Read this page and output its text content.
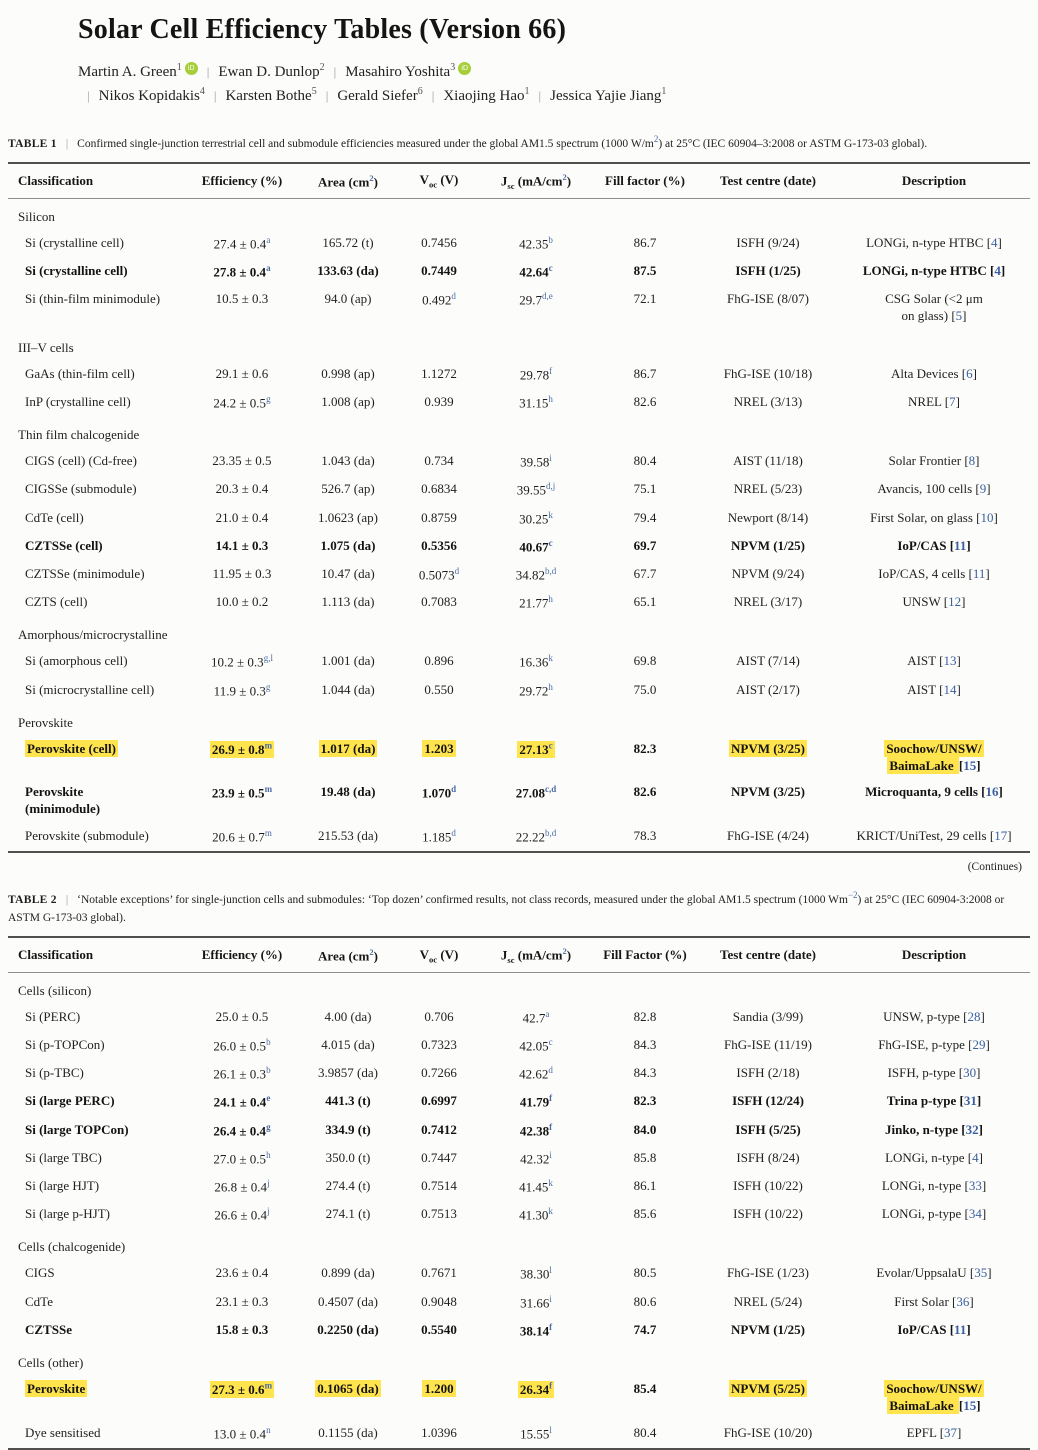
Solar Cell Efficiency Tables (Version 66)
Martin A. Green$^1$ iD | Ewan D. Dunlop$^2$ | Masahiro Yoshita$^3$ iD| Nikos Kopidakis$^4$ | Karsten Bothe$^5$ | Gerald Siefer$^6$ | Xiaojing Hao$^1$ | Jessica Yajie Jiang$^1$
TABLE 1 | Confirmed single-junction terrestrial cell and submodule efficiencies measured under the global AM1.5 spectrum (1000 W/m$^2$) at 25°C (IEC 60904–3:2008 or ASTM G-173-03 global).
Classification	Efficiency (%)	Area (cm$^2$)	$V_{oc}$ (V)	$J_{sc}$ (mA/cm$^2$)	Fill factor (%)	Test centre (date)	Description
Silicon							
Si (crystalline cell)	27.4 ± 0.4$^a$	165.72 (t)	0.7456	42.35$^b$	86.7	ISFH (9/24)	LONGi, n-type HTBC [4]
Si (crystalline cell)	27.8 ± 0.4$^a$	133.63 (da)	0.7449	42.64$^c$	87.5	ISFH (1/25)	LONGi, n-type HTBC [4]
Si (thin-film minimodule)	10.5 ± 0.3	94.0 (ap)	0.492$^d$	29.7$^{d,e}$	72.1	FhG-ISE (8/07)	CSG Solar (<2 μm
on glass) [5]
III–V cells							
GaAs (thin-film cell)	29.1 ± 0.6	0.998 (ap)	1.1272	29.78$^f$	86.7	FhG-ISE (10/18)	Alta Devices [6]
InP (crystalline cell)	24.2 ± 0.5$^g$	1.008 (ap)	0.939	31.15$^h$	82.6	NREL (3/13)	NREL [7]
Thin film chalcogenide							
CIGS (cell) (Cd-free)	23.35 ± 0.5	1.043 (da)	0.734	39.58$^i$	80.4	AIST (11/18)	Solar Frontier [8]
CIGSSe (submodule)	20.3 ± 0.4	526.7 (ap)	0.6834	39.55$^{d,j}$	75.1	NREL (5/23)	Avancis, 100 cells [9]
CdTe (cell)	21.0 ± 0.4	1.0623 (ap)	0.8759	30.25$^k$	79.4	Newport (8/14)	First Solar, on glass [10]
CZTSSe (cell)	14.1 ± 0.3	1.075 (da)	0.5356	40.67$^c$	69.7	NPVM (1/25)	IoP/CAS [11]
CZTSSe (minimodule)	11.95 ± 0.3	10.47 (da)	0.5073$^d$	34.82$^{b,d}$	67.7	NPVM (9/24)	IoP/CAS, 4 cells [11]
CZTS (cell)	10.0 ± 0.2	1.113 (da)	0.7083	21.77$^h$	65.1	NREL (3/17)	UNSW [12]
Amorphous/microcrystalline							
Si (amorphous cell)	10.2 ± 0.3$^{g,l}$	1.001 (da)	0.896	16.36$^k$	69.8	AIST (7/14)	AIST [13]
Si (microcrystalline cell)	11.9 ± 0.3$^g$	1.044 (da)	0.550	29.72$^h$	75.0	AIST (2/17)	AIST [14]
Perovskite							
Perovskite (cell)	26.9 ± 0.8$^m$	1.017 (da)	1.203	27.13$^c$	82.3	NPVM (3/25)	Soochow/UNSW/
BaimaLake [15]
Perovskite
(minimodule)	23.9 ± 0.5$^m$	19.48 (da)	1.070$^d$	27.08$^{c,d}$	82.6	NPVM (3/25)	Microquanta, 9 cells [16]
Perovskite (submodule)	20.6 ± 0.7$^m$	215.53 (da)	1.185$^d$	22.22$^{b,d}$	78.3	FhG-ISE (4/24)	KRICT/UniTest, 29 cells [17]
(Continues)
TABLE 2 | ‘Notable exceptions’ for single-junction cells and submodules: ‘Top dozen’ confirmed results, not class records, measured under the global AM1.5 spectrum (1000 Wm$^{-2}$) at 25°C (IEC 60904-3:2008 or ASTM G-173-03 global).
Classification	Efficiency (%)	Area (cm$^2$)	$V_{oc}$ (V)	$J_{sc}$ (mA/cm$^2$)	Fill Factor (%)	Test centre (date)	Description
Cells (silicon)							
Si (PERC)	25.0 ± 0.5	4.00 (da)	0.706	42.7$^a$	82.8	Sandia (3/99)	UNSW, p-type [28]
Si (p-TOPCon)	26.0 ± 0.5$^b$	4.015 (da)	0.7323	42.05$^c$	84.3	FhG-ISE (11/19)	FhG-ISE, p-type [29]
Si (p-TBC)	26.1 ± 0.3$^b$	3.9857 (da)	0.7266	42.62$^d$	84.3	ISFH (2/18)	ISFH, p-type [30]
Si (large PERC)	24.1 ± 0.4$^e$	441.3 (t)	0.6997	41.79$^f$	82.3	ISFH (12/24)	Trina p-type [31]
Si (large TOPCon)	26.4 ± 0.4$^g$	334.9 (t)	0.7412	42.38$^f$	84.0	ISFH (5/25)	Jinko, n-type [32]
Si (large TBC)	27.0 ± 0.5$^h$	350.0 (t)	0.7447	42.32$^i$	85.8	ISFH (8/24)	LONGi, n-type [4]
Si (large HJT)	26.8 ± 0.4$^j$	274.4 (t)	0.7514	41.45$^k$	86.1	ISFH (10/22)	LONGi, n-type [33]
Si (large p-HJT)	26.6 ± 0.4$^j$	274.1 (t)	0.7513	41.30$^k$	85.6	ISFH (10/22)	LONGi, p-type [34]
Cells (chalcogenide)							
CIGS	23.6 ± 0.4	0.899 (da)	0.7671	38.30$^l$	80.5	FhG-ISE (1/23)	Evolar/UppsalaU [35]
CdTe	23.1 ± 0.3	0.4507 (da)	0.9048	31.66$^i$	80.6	NREL (5/24)	First Solar [36]
CZTSSe	15.8 ± 0.3	0.2250 (da)	0.5540	38.14$^f$	74.7	NPVM (1/25)	IoP/CAS [11]
Cells (other)							
Perovskite	27.3 ± 0.6$^m$	0.1065 (da)	1.200	26.34$^f$	85.4	NPVM (5/25)	Soochow/UNSW/
BaimaLake [15]
Dye sensitised	13.0 ± 0.4$^n$	0.1155 (da)	1.0396	15.55$^l$	80.4	FhG-ISE (10/20)	EPFL [37]
